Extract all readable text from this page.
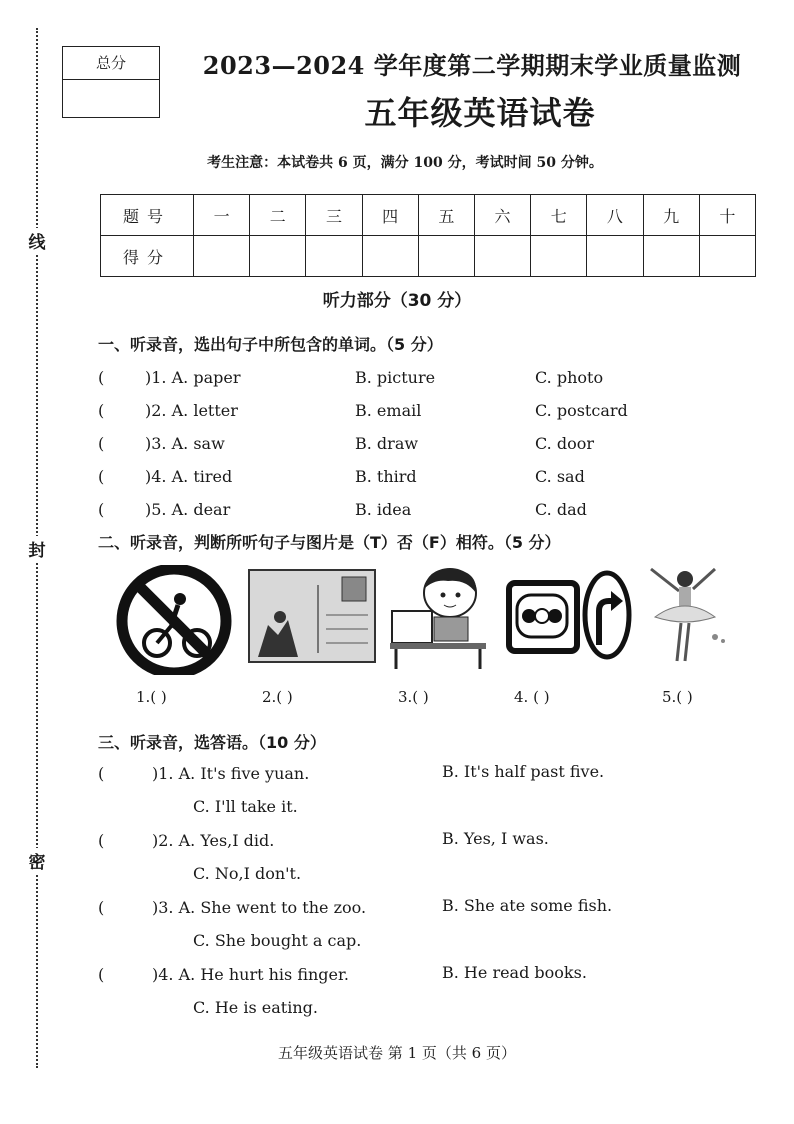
线
封
密
总分	2023—2024 学年度第二学期期末学业质量监测
五年级英语试卷
考生注意：本试卷共 6 页，满分 100 分，考试时间 50 分钟。
题号	一	二	三	四	五	六	七	八	九	十
得分										
听力部分（30 分）
一、听录音，选出句子中所包含的单词。（5 分）
(	)1. A. paper	B. picture	C. photo
(	)2. A. letter	B. email	C. postcard
(	)3. A. saw	B. draw	C. door
(	)4. A. tired	B. third	C. sad
(	)5. A. dear	B. idea	C. dad
二、听录音，判断所听句子与图片是（T）否（F）相符。（5 分）
1.( )	2.( )	3.( )	4. ( )	5.( )
三、听录音，选答语。（10 分）
(	)1. A. It's five yuan.	B. It's half past five.
C. I'll take it.
(	)2. A. Yes,I did.	B. Yes, I was.
C. No,I don't.
(	)3. A. She went to the zoo.	B. She ate some fish.
C. She bought a cap.
(	)4. A. He hurt his finger.	B. He read books.
C. He is eating.
五年级英语试卷 第 1 页（共 6 页）
